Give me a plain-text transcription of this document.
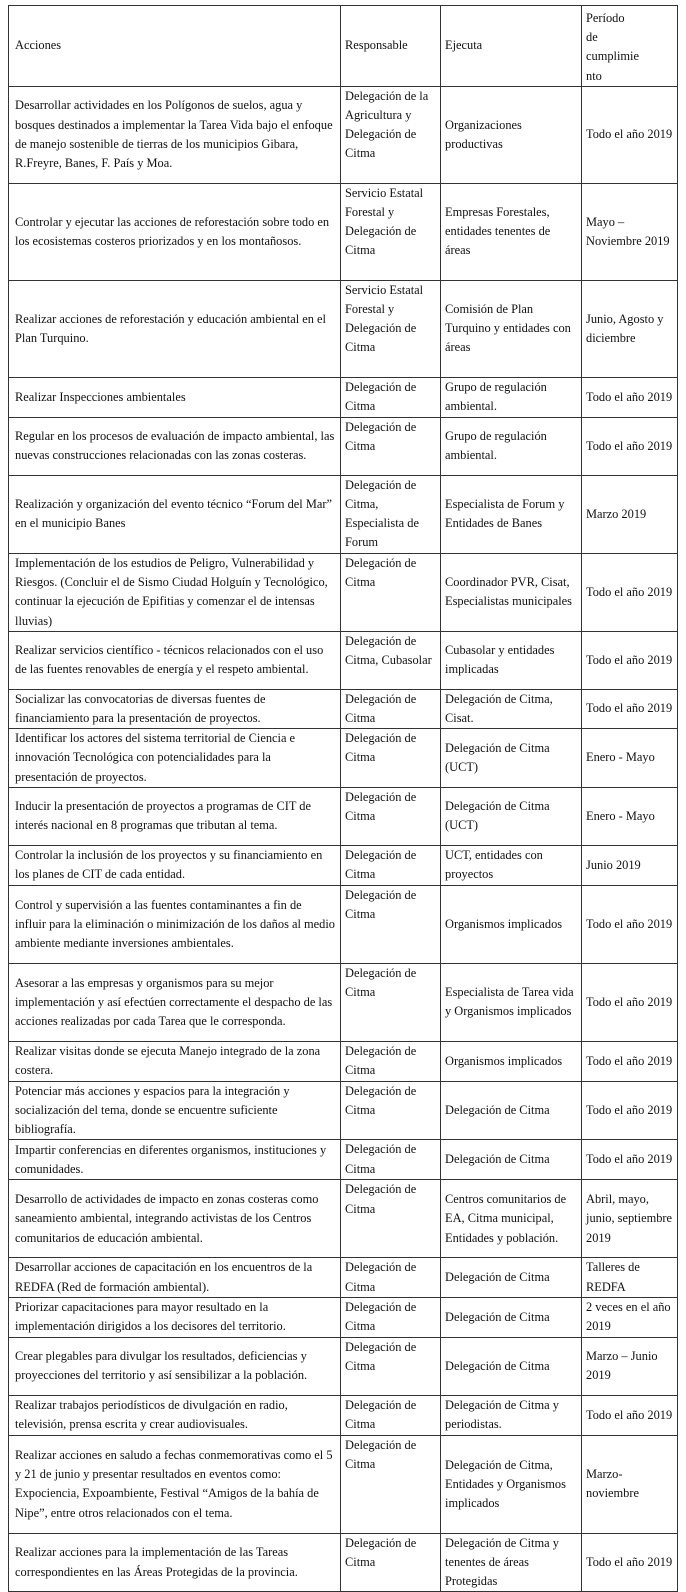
Acciones	Responsable	Ejecuta	Período
de
cumplimie
nto

Desarrollar actividades en los Polígonos de suelos, agua y bosques destinados a implementar la Tarea Vida bajo el enfoque de manejo sostenible de tierras de los municipios Gibara, R.Freyre, Banes, F. País y Moa.	Delegación de la Agricultura y Delegación de Citma	Organizaciones productivas	Todo el año 2019
Controlar y ejecutar las acciones de reforestación sobre todo en los ecosistemas costeros priorizados y en los montañosos.	Servicio Estatal Forestal y Delegación de Citma	Empresas Forestales, entidades tenentes de áreas	Mayo – Noviembre 2019
Realizar acciones de reforestación y educación ambiental en el Plan Turquino.	Servicio Estatal Forestal y Delegación de Citma	Comisión de Plan Turquino y entidades con áreas	Junio, Agosto y diciembre
Realizar Inspecciones ambientales	Delegación de Citma	Grupo de regulación ambiental.	Todo el año 2019
Regular en los procesos de evaluación de impacto ambiental, las nuevas construcciones relacionadas con las zonas costeras.	Delegación de Citma	Grupo de regulación ambiental.	Todo el año 2019
Realización y organización del evento técnico “Forum del Mar” en el municipio Banes	Delegación de Citma, Especialista de Forum	Especialista de Forum y Entidades de Banes	Marzo 2019
Implementación de los estudios de Peligro, Vulnerabilidad y Riesgos. (Concluir el de Sismo Ciudad Holguín y Tecnológico, continuar la ejecución de Epifitias y comenzar el de intensas lluvias)	Delegación de Citma	Coordinador PVR, Cisat, Especialistas municipales	Todo el año 2019
Realizar servicios científico - técnicos relacionados con el uso de las fuentes renovables de energía y el respeto ambiental.	Delegación de Citma, Cubasolar	Cubasolar y entidades implicadas	Todo el año 2019
Socializar las convocatorias de diversas fuentes de financiamiento para la presentación de proyectos.	Delegación de Citma	Delegación de Citma, Cisat.	Todo el año 2019
Identificar los actores del sistema territorial de Ciencia e innovación Tecnológica con potencialidades para la presentación de proyectos.	Delegación de Citma	Delegación de Citma (UCT)	Enero - Mayo
Inducir la presentación de proyectos a programas de CIT de interés nacional en 8 programas que tributan al tema.	Delegación de Citma	Delegación de Citma (UCT)	Enero - Mayo
Controlar la inclusión de los proyectos y su financiamiento en los planes de CIT de cada entidad.	Delegación de Citma	UCT, entidades con proyectos	Junio 2019
Control y supervisión a las fuentes contaminantes a fin de influir para la eliminación o minimización de los daños al medio ambiente mediante inversiones ambientales.	Delegación de Citma	Organismos implicados	Todo el año 2019
Asesorar a las empresas y organismos para su mejor implementación y así efectúen correctamente el despacho de las acciones realizadas por cada Tarea que le corresponda.	Delegación de Citma	Especialista de Tarea vida y Organismos implicados	Todo el año 2019
Realizar visitas donde se ejecuta Manejo integrado de la zona costera.	Delegación de Citma	Organismos implicados	Todo el año 2019
Potenciar más acciones y espacios para la integración y socialización del tema, donde se encuentre suficiente bibliografía.	Delegación de Citma	Delegación de Citma	Todo el año 2019
Impartir conferencias en diferentes organismos, instituciones y comunidades.	Delegación de Citma	Delegación de Citma	Todo el año 2019
Desarrollo de actividades de impacto en zonas costeras como saneamiento ambiental, integrando activistas de los Centros comunitarios de educación ambiental.	Delegación de Citma	Centros comunitarios de EA, Citma municipal, Entidades y población.	Abril, mayo, junio, septiembre 2019
Desarrollar acciones de capacitación en los encuentros de la REDFA (Red de formación ambiental).	Delegación de Citma	Delegación de Citma	Talleres de REDFA
Priorizar capacitaciones para mayor resultado en la implementación dirigidos a los decisores del territorio.	Delegación de Citma	Delegación de Citma	2 veces en el año 2019
Crear plegables para divulgar los resultados, deficiencias y proyecciones del territorio y así sensibilizar a la población.	Delegación de Citma	Delegación de Citma	Marzo – Junio 2019
Realizar trabajos periodísticos de divulgación en radio, televisión, prensa escrita y crear audiovisuales.	Delegación de Citma	Delegación de Citma y periodistas.	Todo el año 2019
Realizar acciones en saludo a fechas conmemorativas como el 5 y 21 de junio y presentar resultados en eventos como: Expociencia, Expoambiente, Festival “Amigos de la bahía de Nipe”, entre otros relacionados con el tema.	Delegación de Citma	Delegación de Citma, Entidades y Organismos implicados	Marzo- noviembre
Realizar acciones para la implementación de las Tareas correspondientes en las Áreas Protegidas de la provincia.	Delegación de Citma	Delegación de Citma y tenentes de áreas Protegidas	Todo el año 2019
